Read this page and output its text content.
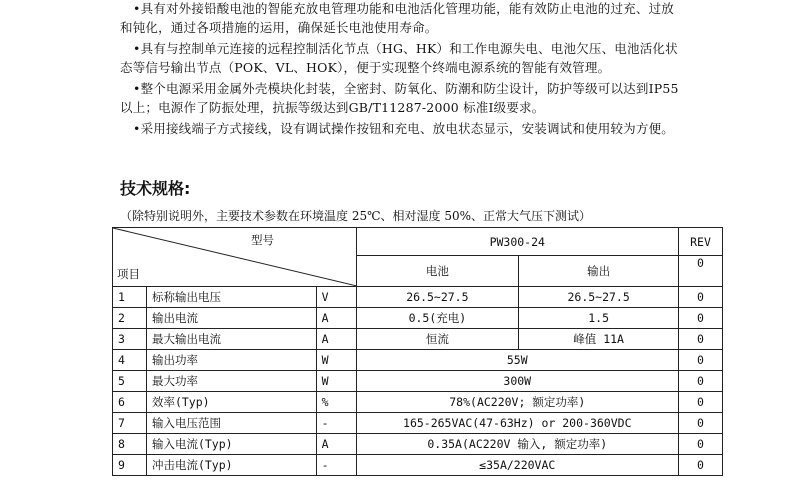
•具有对外接铅酸电池的智能充放电管理功能和电池活化管理功能，能有效防止电池的过充、过放和钝化，通过各项措施的运用，确保延长电池使用寿命。

•具有与控制单元连接的远程控制活化节点（HG、HK）和工作电源失电、电池欠压、电池活化状态等信号输出节点（POK、VL、HOK），便于实现整个终端电源系统的智能有效管理。

•整个电源采用金属外壳模块化封装，全密封、防氧化、防潮和防尘设计，防护等级可以达到IP55 以上；电源作了防振处理，抗振等级达到GB/T11287-2000 标准I级要求。

•采用接线端子方式接线，设有调试操作按钮和充电、放电状态显示，安装调试和使用较为方便。

技术规格:
（除特别说明外，主要技术参数在环境温度 25℃、相对湿度 50%、正常大气压下测试）
型号
项目			PW300-24		REV
			电池	输出	0
1	标称输出电压	V	26.5~27.5	26.5~27.5	0
2	输出电流	A	0.5(充电)	1.5	0
3	最大输出电流	A	恒流	峰值 11A	0
4	输出功率	W	55W		0
5	最大功率	W	300W		0
6	效率(Typ)	%	78%(AC220V; 额定功率)		0
7	输入电压范围	-	165-265VAC(47-63Hz) or 200-360VDC		0
8	输入电流(Typ)	A	0.35A(AC220V 输入, 额定功率)		0
9	冲击电流(Typ)	-	≤35A/220VAC		0
